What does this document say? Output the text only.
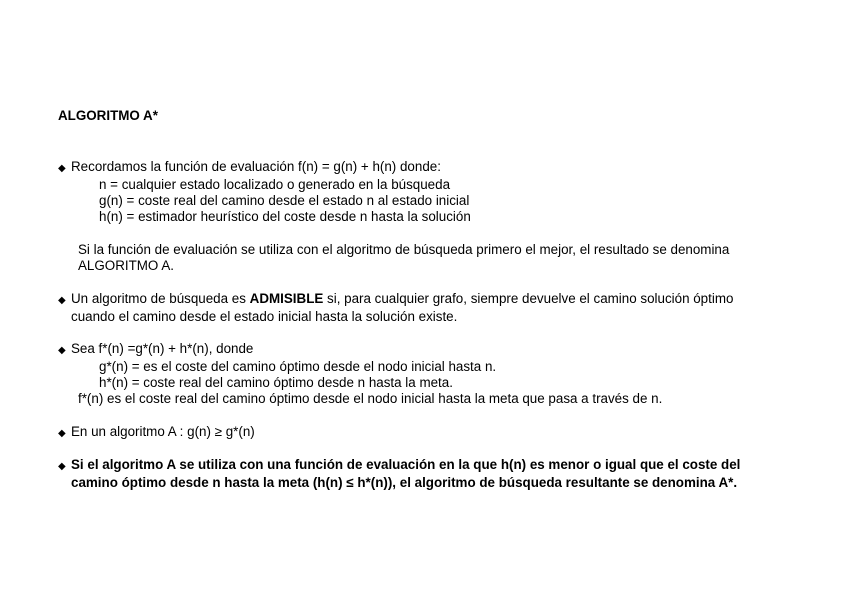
ALGORITMO A*
◆ Recordamos la función de evaluación f(n) = g(n) + h(n) donde:
n = cualquier estado localizado o generado en la búsqueda
g(n) = coste real del camino desde el estado n al estado inicial
h(n) = estimador heurístico del coste desde n hasta la solución
Si la función de evaluación se utiliza con el algoritmo de búsqueda primero el mejor, el resultado se denomina
ALGORITMO A.
◆ Un algoritmo de búsqueda es ADMISIBLE si, para cualquier grafo, siempre devuelve el camino solución óptimo
cuando el camino desde el estado inicial hasta la solución existe.
◆ Sea f*(n) =g*(n) + h*(n), donde
g*(n) = es el coste del camino óptimo desde el nodo inicial hasta n.
h*(n) = coste real del camino óptimo desde n hasta la meta.
f*(n) es el coste real del camino óptimo desde el nodo inicial hasta la meta que pasa a través de n.
◆ En un algoritmo A : g(n) ≥ g*(n)
◆ Si el algoritmo A se utiliza con una función de evaluación en la que h(n) es menor o igual que el coste del
camino óptimo desde n hasta la meta (h(n) ≤ h*(n)), el algoritmo de búsqueda resultante se denomina A*.
